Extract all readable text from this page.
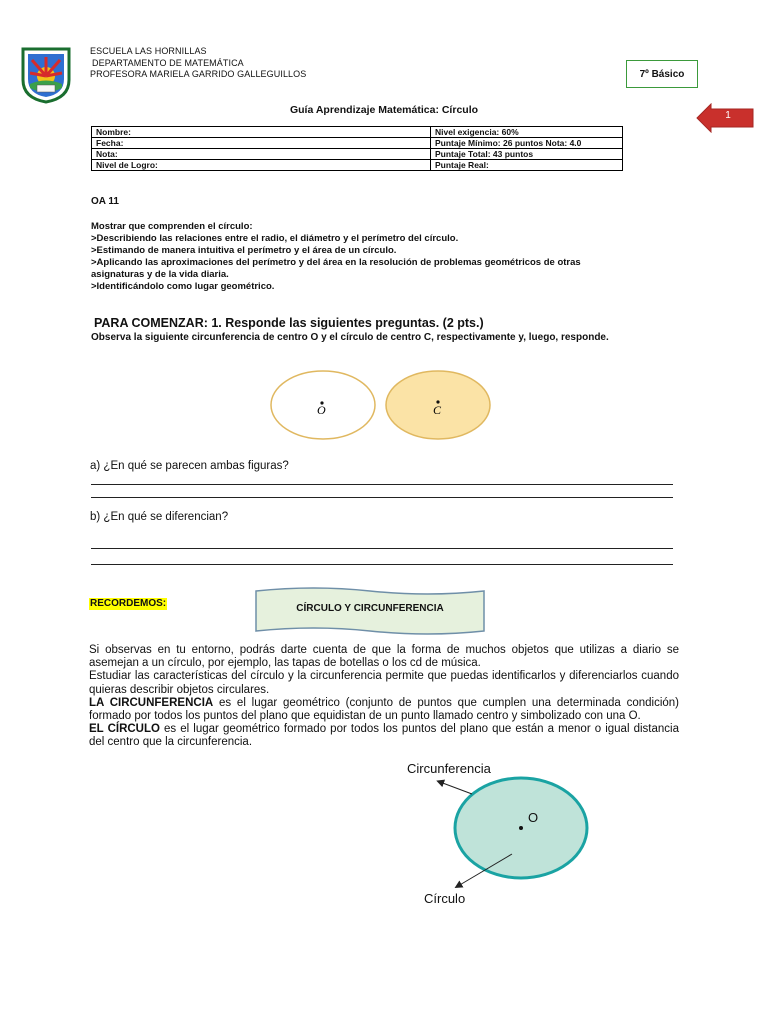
ESCUELA LAS HORNILLAS
DEPARTAMENTO DE MATEMÁTICA
PROFESORA MARIELA GARRIDO GALLEGUILLOS	7º Básico
1
Guía Aprendizaje Matemática: Círculo
Nombre:	Nivel exigencia: 60%
Fecha:	Puntaje Mínimo: 26 puntos Nota: 4.0
Nota:	Puntaje Total: 43 puntos
Nivel de Logro:	Puntaje Real:
OA 11
Mostrar que comprenden el círculo:
>Describiendo las relaciones entre el radio, el diámetro y el perímetro del círculo.
>Estimando de manera intuitiva el perímetro y el área de un círculo.
>Aplicando las aproximaciones del perímetro y del área en la resolución de problemas geométricos de otras
asignaturas y de la vida diaria.
>Identificándolo como lugar geométrico.
PARA COMENZAR: 1. Responde las siguientes preguntas. (2 pts.)
Observa la siguiente circunferencia de centro O y el círculo de centro C, respectivamente y, luego, responde.
O	C
a) ¿En qué se parecen ambas figuras?
b) ¿En qué se diferencian?
RECORDEMOS:	CÍRCULO Y CIRCUNFERENCIA

Si observas en tu entorno, podrás darte cuenta de que la forma de muchos objetos que utilizas a diario se asemejan a un círculo, por ejemplo, las tapas de botellas o los cd de música.

Estudiar las características del círculo y la circunferencia permite que puedas identificarlos y diferenciarlos cuando quieras describir objetos circulares.

LA CIRCUNFERENCIA es el lugar geométrico (conjunto de puntos que cumplen una determinada condición) formado por todos los puntos del plano que equidistan de un punto llamado centro y simbolizado con una O.

EL CÍRCULO es el lugar geométrico formado por todos los puntos del plano que están a menor o igual distancia del centro que la circunferencia.

Circunferencia
Círculo
O
